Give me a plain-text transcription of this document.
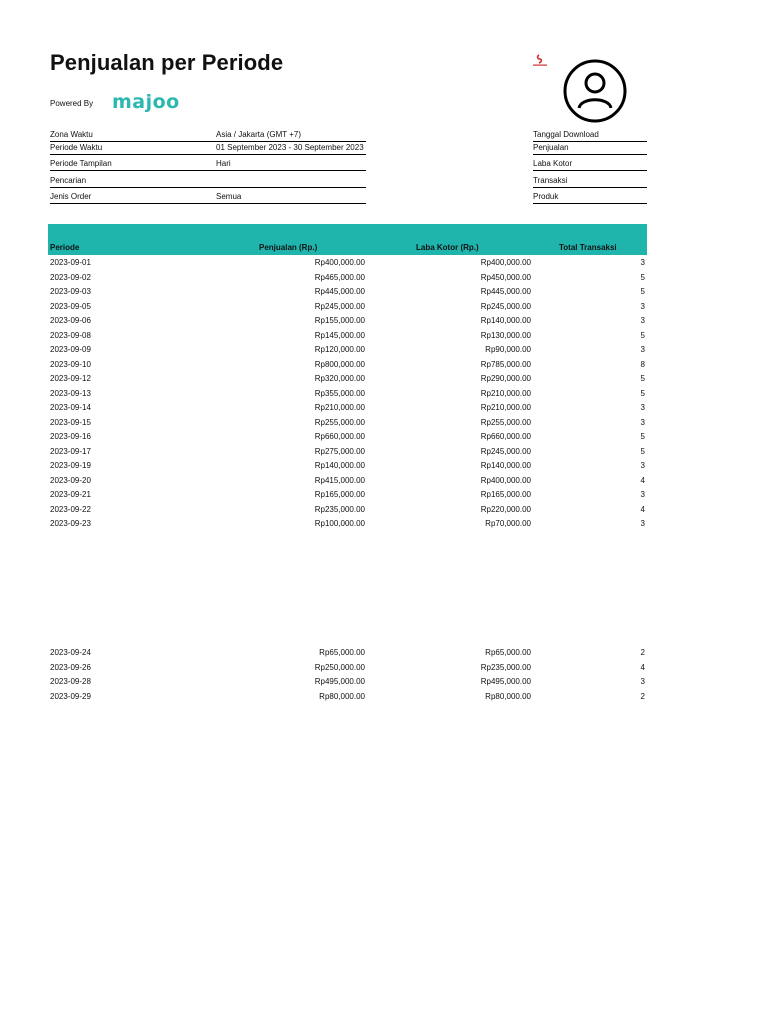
Penjualan per Periode
Powered By majoo
Zona Waktu	Asia / Jakarta (GMT +7)
Periode Waktu	01 September 2023 - 30 September 2023
Periode Tampilan	Hari
Pencarian
Jenis Order	Semua
Tanggal Download
Penjualan
Laba Kotor
Transaksi
Produk
Periode	Penjualan (Rp.)	Laba Kotor (Rp.)	Total Transaksi
2023-09-01	Rp400,000.00	Rp400,000.00	3
2023-09-02	Rp465,000.00	Rp450,000.00	5
2023-09-03	Rp445,000.00	Rp445,000.00	5
2023-09-05	Rp245,000.00	Rp245,000.00	3
2023-09-06	Rp155,000.00	Rp140,000.00	3
2023-09-08	Rp145,000.00	Rp130,000.00	5
2023-09-09	Rp120,000.00	Rp90,000.00	3
2023-09-10	Rp800,000.00	Rp785,000.00	8
2023-09-12	Rp320,000.00	Rp290,000.00	5
2023-09-13	Rp355,000.00	Rp210,000.00	5
2023-09-14	Rp210,000.00	Rp210,000.00	3
2023-09-15	Rp255,000.00	Rp255,000.00	3
2023-09-16	Rp660,000.00	Rp660,000.00	5
2023-09-17	Rp275,000.00	Rp245,000.00	5
2023-09-19	Rp140,000.00	Rp140,000.00	3
2023-09-20	Rp415,000.00	Rp400,000.00	4
2023-09-21	Rp165,000.00	Rp165,000.00	3
2023-09-22	Rp235,000.00	Rp220,000.00	4
2023-09-23	Rp100,000.00	Rp70,000.00	3
2023-09-24	Rp65,000.00	Rp65,000.00	2
2023-09-26	Rp250,000.00	Rp235,000.00	4
2023-09-28	Rp495,000.00	Rp495,000.00	3
2023-09-29	Rp80,000.00	Rp80,000.00	2
